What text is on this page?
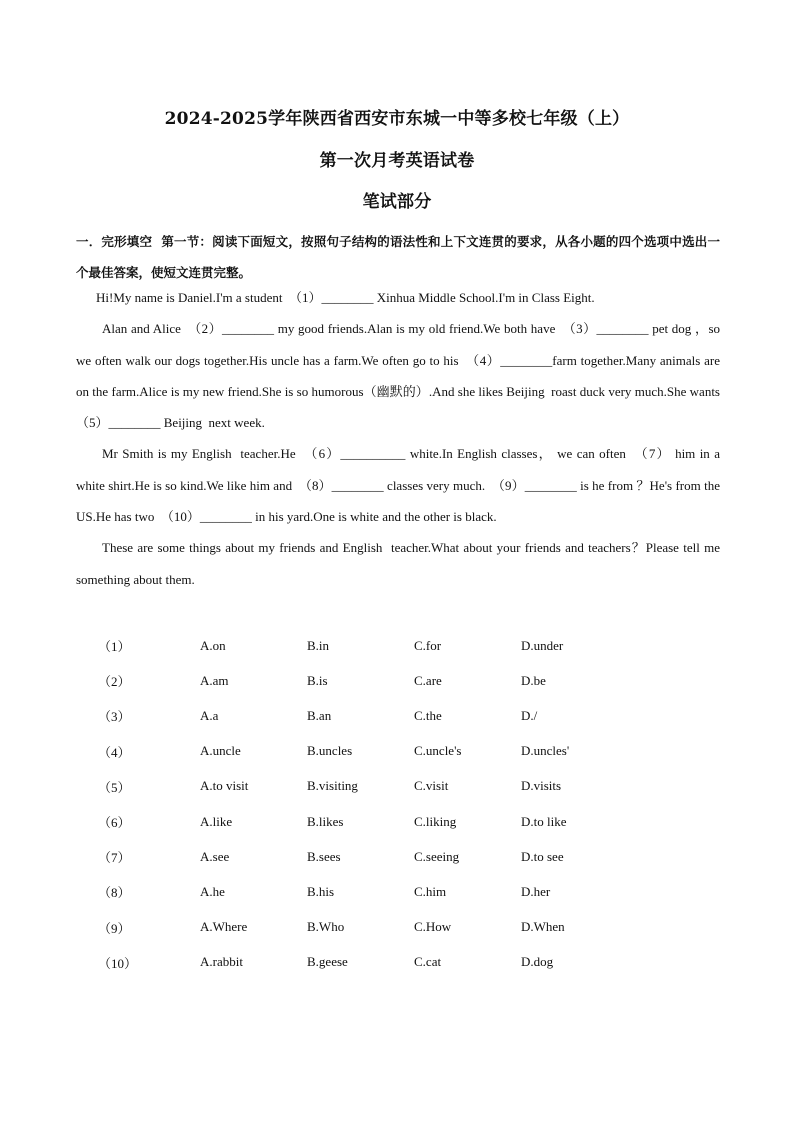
2024-2025学年陕西省西安市东城一中等多校七年级（上）
第一次月考英语试卷
笔试部分
一．完形填空  第一节：阅读下面短文，按照句子结构的语法性和上下文连贯的要求，从各小题的四个选项中选出一个最佳答案，使短文连贯完整。

Hi!My name is Daniel.I'm a student  （1）________ Xinhua Middle School.I'm in Class Eight.

Alan and Alice  （2）________ my good friends.Alan is my old friend.We both have  （3）________ pet dog ，so we often walk our dogs together.His uncle has a farm.We often go to his  （4）________farm together.Many animals are on the farm.Alice is my new friend.She is so humorous（幽默的）.And she likes Beijing  roast duck very much.She wants  （5）________ Beijing  next week.

Mr Smith is my English  teacher.He  （6）__________ white.In English classes， we can often  （7） him in a white shirt.He is so kind.We like him and  （8）________ classes very much.  （9）________ is he from ？He's from the US.He has two  （10）________ in his yard.One is white and the other is black.

These are some things about my friends and English  teacher.What about your friends and teachers？Please tell me something about them.

（1）	A.on	B.in	C.for	D.under
（2）	A.am	B.is	C.are	D.be
（3）	A.a	B.an	C.the	D./
（4）	A.uncle	B.uncles	C.uncle's	D.uncles'
（5）	A.to visit	B.visiting	C.visit	D.visits
（6）	A.like	B.likes	C.liking	D.to like
（7）	A.see	B.sees	C.seeing	D.to see
（8）	A.he	B.his	C.him	D.her
（9）	A.Where	B.Who	C.How	D.When
（10）	A.rabbit	B.geese	C.cat	D.dog
